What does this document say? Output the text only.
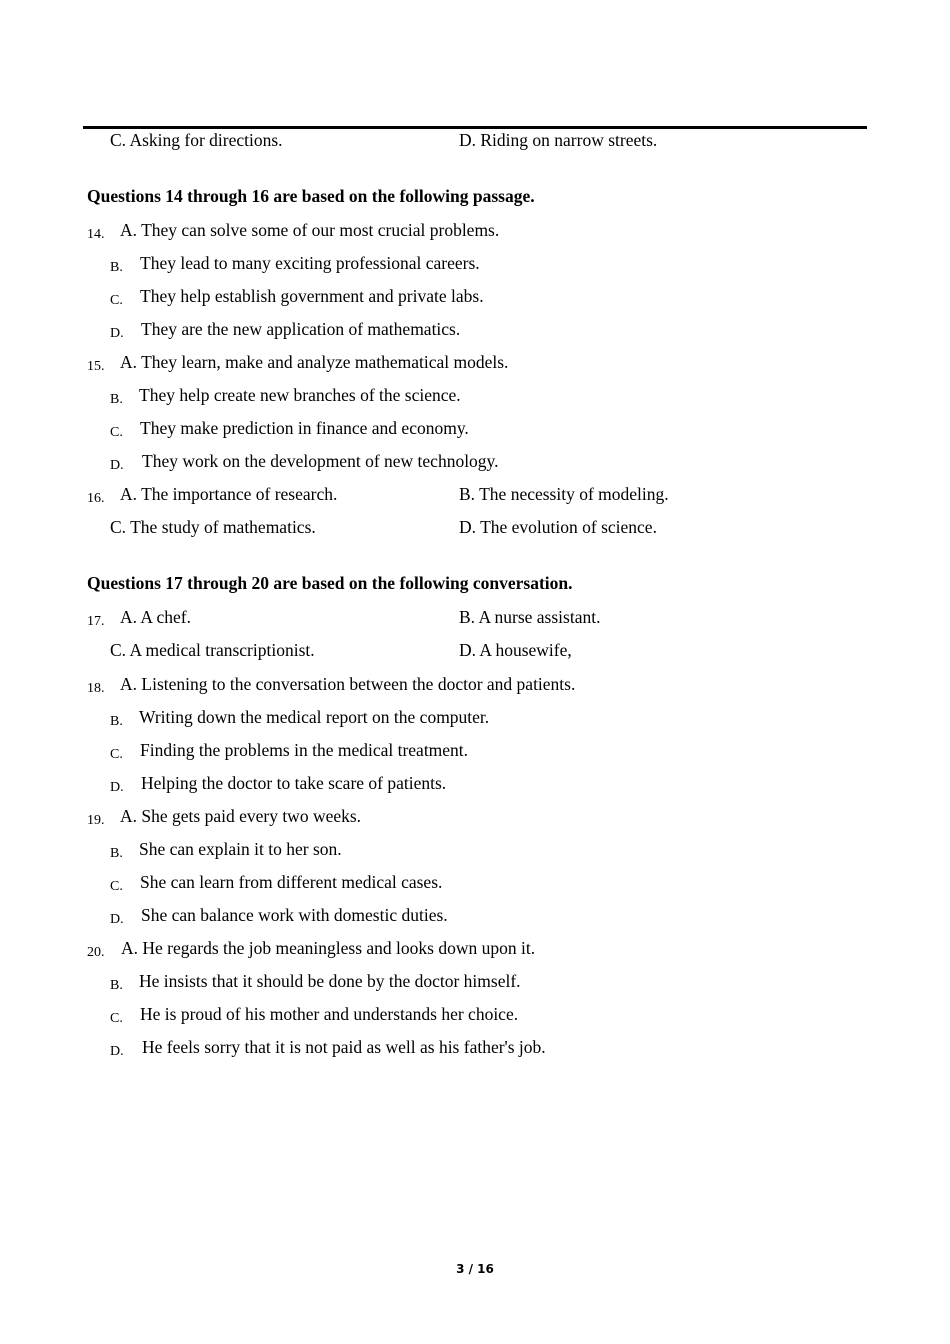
C. Asking for directions.	D. Riding on narrow streets.
Questions 14 through 16 are based on the following passage.
14. A. They can solve some of our most crucial problems.
B. They lead to many exciting professional careers.
C. They help establish government and private labs.
D. They are the new application of mathematics.
15. A. They learn, make and analyze mathematical models.
B. They help create new branches of the science.
C. They make prediction in finance and economy.
D. They work on the development of new technology.
16. A. The importance of research.	B. The necessity of modeling.
C. The study of mathematics.	D. The evolution of science.
Questions 17 through 20 are based on the following conversation.
17. A. A chef.	B. A nurse assistant.
C. A medical transcriptionist.	D. A housewife,
18. A. Listening to the conversation between the doctor and patients.
B. Writing down the medical report on the computer.
C. Finding the problems in the medical treatment.
D. Helping the doctor to take scare of patients.
19. A. She gets paid every two weeks.
B. She can explain it to her son.
C. She can learn from different medical cases.
D. She can balance work with domestic duties.
20. A. He regards the job meaningless and looks down upon it.
B. He insists that it should be done by the doctor himself.
C. He is proud of his mother and understands her choice.
D. He feels sorry that it is not paid as well as his father's job.
3 / 16
